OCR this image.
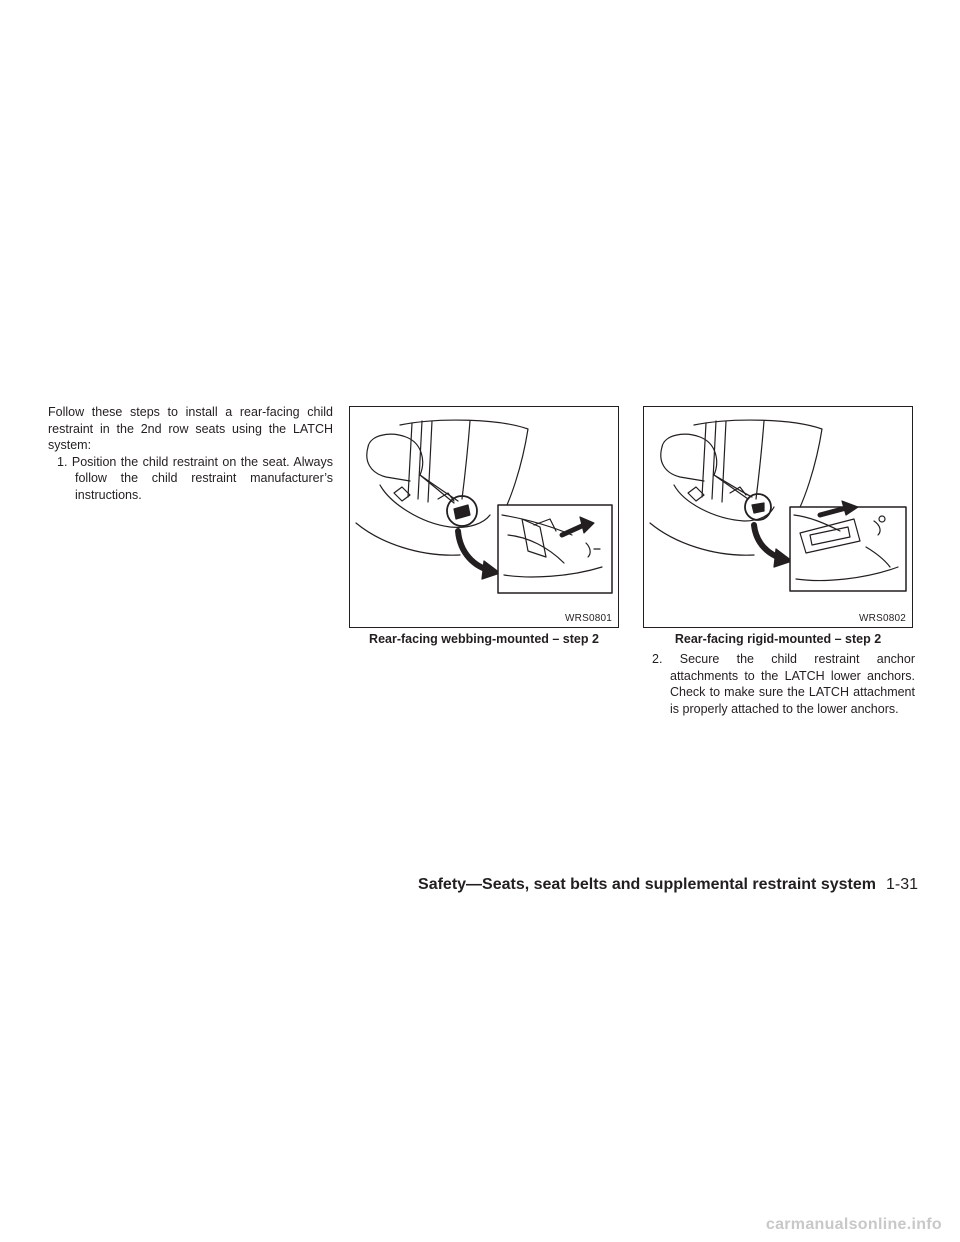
Follow these steps to install a rear-facing child restraint in the 2nd row seats using the LATCH system:

1. Position the child restraint on the seat. Always follow the child restraint manufacturer’s instructions.

WRS0801
Rear-facing webbing-mounted – step 2
WRS0802
Rear-facing rigid-mounted – step 2

2. Secure the child restraint anchor attachments to the LATCH lower anchors. Check to make sure the LATCH attachment is properly attached to the lower anchors.

Safety—Seats, seat belts and supplemental restraint system 1-31
carmanualsonline.info
